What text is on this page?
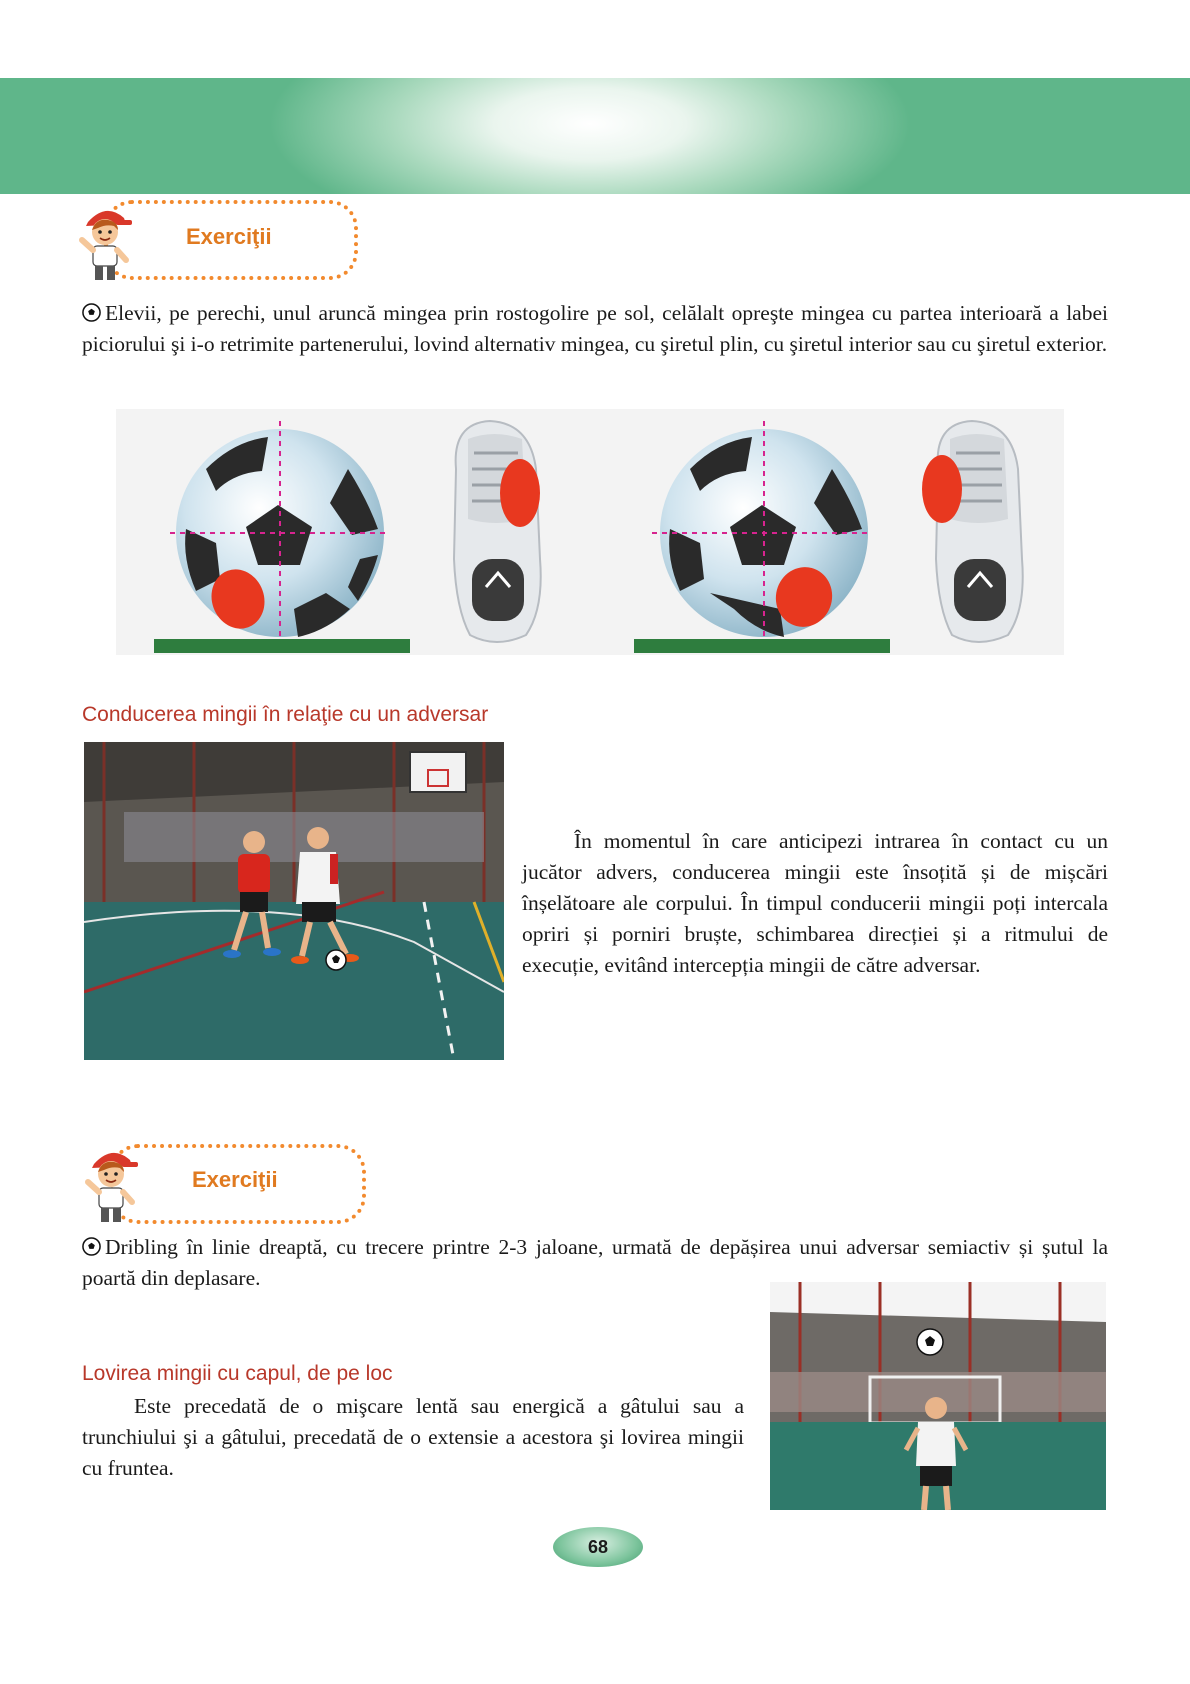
Exerciţii
Elevii, pe perechi, unul aruncă mingea prin rostogolire pe sol, celălalt opreşte mingea cu partea interioară a labei piciorului şi i-o retrimite partenerului, lovind alternativ mingea, cu şiretul plin, cu şiretul interior sau cu şiretul exterior.
Conducerea mingii în relaţie cu un adversar
În momentul în care anticipezi intrarea în contact cu un jucător advers, conducerea mingii este însoțită și de mișcări înșelătoare ale corpului. În timpul conducerii mingii poți intercala opriri și porniri bruște, schimbarea direcției și a ritmului de execuție, evitând intercepția mingii de către adversar.
Exerciţii
Dribling în linie dreaptă, cu trecere printre 2-3 jaloane, urmată de depășirea unui adversar semiactiv și șutul la poartă din deplasare.
Lovirea mingii cu capul, de pe loc
Este precedată de o mişcare lentă sau energică a gâtului sau a trunchiului şi a gâtului, precedată de o extensie a acestora şi lovirea mingii cu fruntea.
68
